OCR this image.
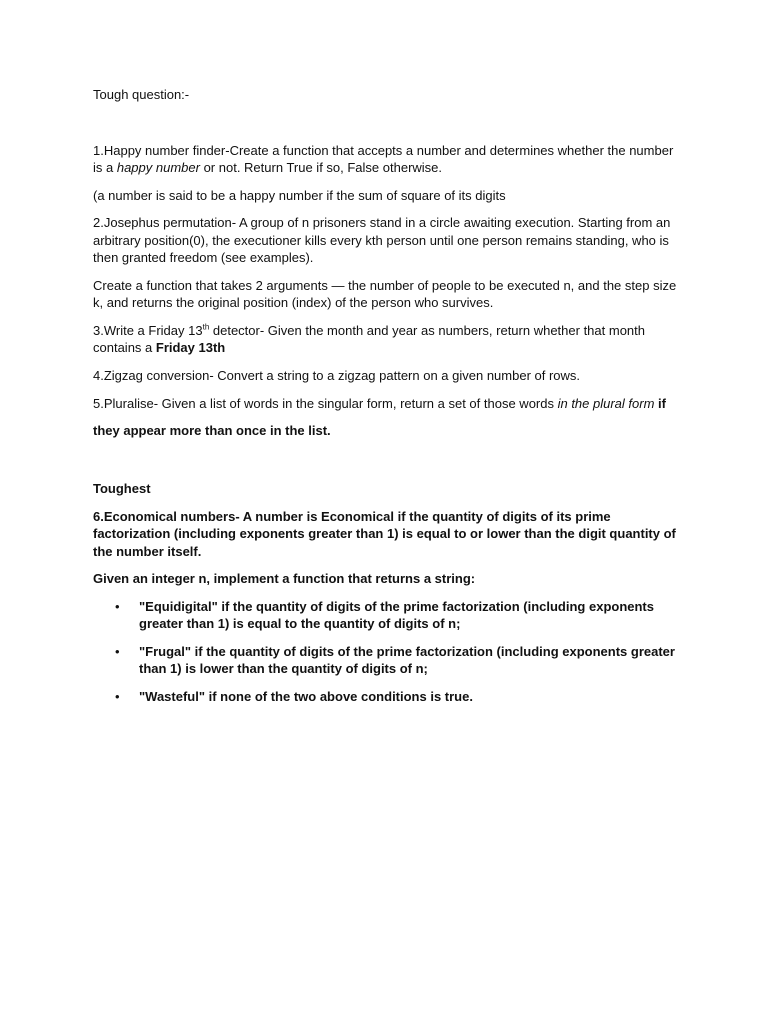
Tough question:-

1.Happy number finder-Create a function that accepts a number and determines whether the number is a happy number or not. Return True if so, False otherwise.

(a number is said to be a happy number if the sum of square of its digits

2.Josephus permutation- A group of n prisoners stand in a circle awaiting execution. Starting from an arbitrary position(0), the executioner kills every kth person until one person remains standing, who is then granted freedom (see examples).

Create a function that takes 2 arguments — the number of people to be executed n, and the step size k, and returns the original position (index) of the person who survives.

3.Write a Friday 13th detector- Given the month and year as numbers, return whether that month contains a Friday 13th

4.Zigzag conversion- Convert a string to a zigzag pattern on a given number of rows.

5.Pluralise- Given a list of words in the singular form, return a set of those words in the plural form if they appear more than once in the list.

Toughest

6.Economical numbers- A number is Economical if the quantity of digits of its prime factorization (including exponents greater than 1) is equal to or lower than the digit quantity of the number itself.

Given an integer n, implement a function that returns a string:

• "Equidigital" if the quantity of digits of the prime factorization (including exponents greater than 1) is equal to the quantity of digits of n;
• "Frugal" if the quantity of digits of the prime factorization (including exponents greater than 1) is lower than the quantity of digits of n;
• "Wasteful" if none of the two above conditions is true.
